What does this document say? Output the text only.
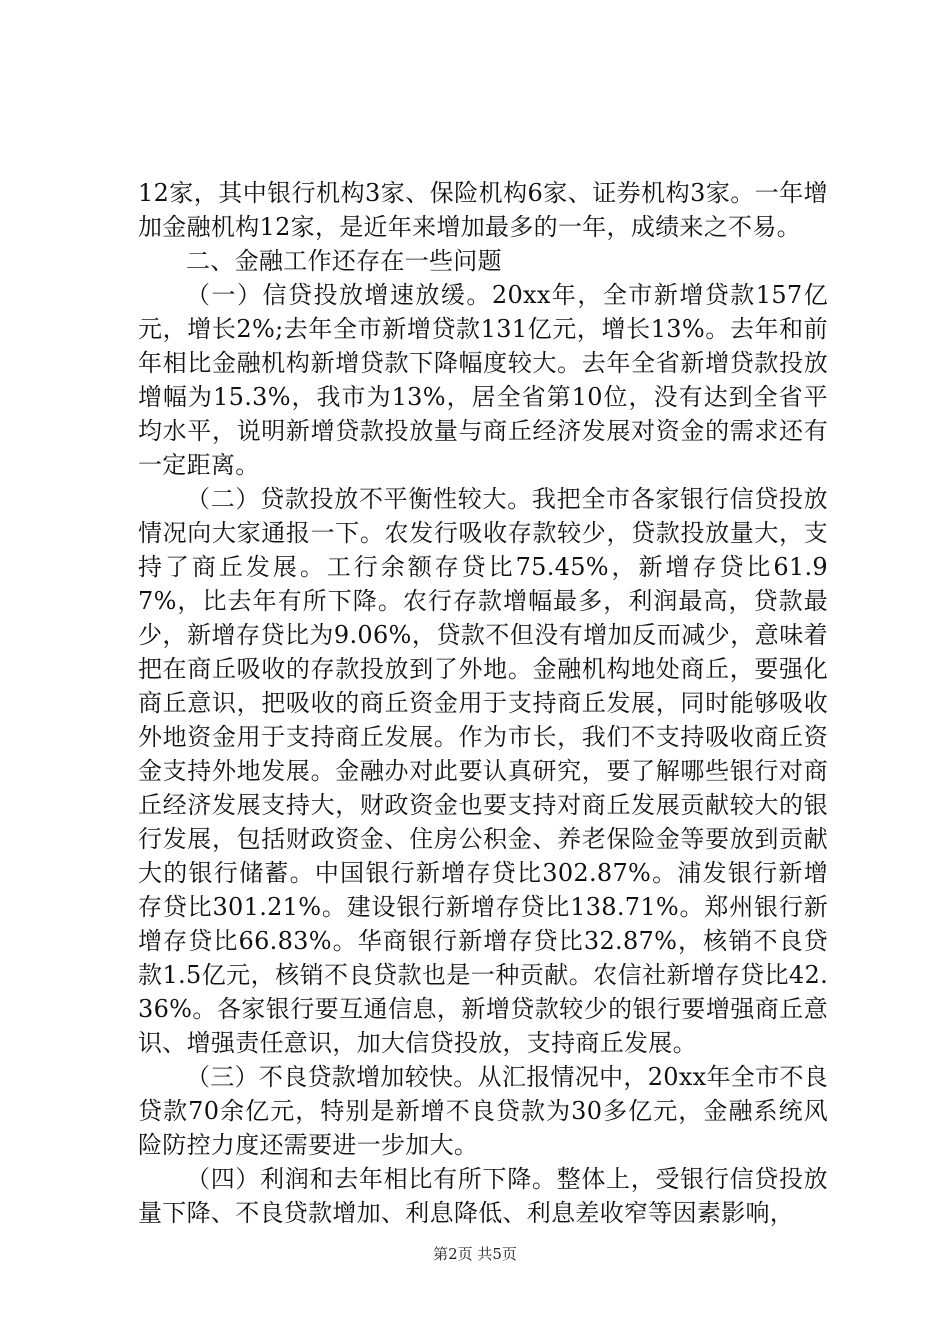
12家，其中银行机构3家、保险机构6家、证券机构3家。一年增加金融机构12家，是近年来增加最多的一年，成绩来之不易。

二、金融工作还存在一些问题

（一）信贷投放增速放缓。20xx年，全市新增贷款157亿元，增长2%;去年全市新增贷款131亿元，增长13%。去年和前年相比金融机构新增贷款下降幅度较大。去年全省新增贷款投放增幅为15.3%，我市为13%，居全省第10位，没有达到全省平均水平，说明新增贷款投放量与商丘经济发展对资金的需求还有一定距离。

（二）贷款投放不平衡性较大。我把全市各家银行信贷投放情况向大家通报一下。农发行吸收存款较少，贷款投放量大，支持了商丘发展。工行余额存贷比75.45%，新增存贷比61.97%，比去年有所下降。农行存款增幅最多，利润最高，贷款最少，新增存贷比为9.06%，贷款不但没有增加反而减少，意味着把在商丘吸收的存款投放到了外地。金融机构地处商丘，要强化商丘意识，把吸收的商丘资金用于支持商丘发展，同时能够吸收外地资金用于支持商丘发展。作为市长，我们不支持吸收商丘资金支持外地发展。金融办对此要认真研究，要了解哪些银行对商丘经济发展支持大，财政资金也要支持对商丘发展贡献较大的银行发展，包括财政资金、住房公积金、养老保险金等要放到贡献大的银行储蓄。中国银行新增存贷比302.87%。浦发银行新增存贷比301.21%。建设银行新增存贷比138.71%。郑州银行新增存贷比66.83%。华商银行新增存贷比32.87%，核销不良贷款1.5亿元，核销不良贷款也是一种贡献。农信社新增存贷比42.36%。各家银行要互通信息，新增贷款较少的银行要增强商丘意识、增强责任意识，加大信贷投放，支持商丘发展。

（三）不良贷款增加较快。从汇报情况中，20xx年全市不良贷款70余亿元，特别是新增不良贷款为30多亿元，金融系统风险防控力度还需要进一步加大。

（四）利润和去年相比有所下降。整体上，受银行信贷投放量下降、不良贷款增加、利息降低、利息差收窄等因素影响，

第2页 共5页
